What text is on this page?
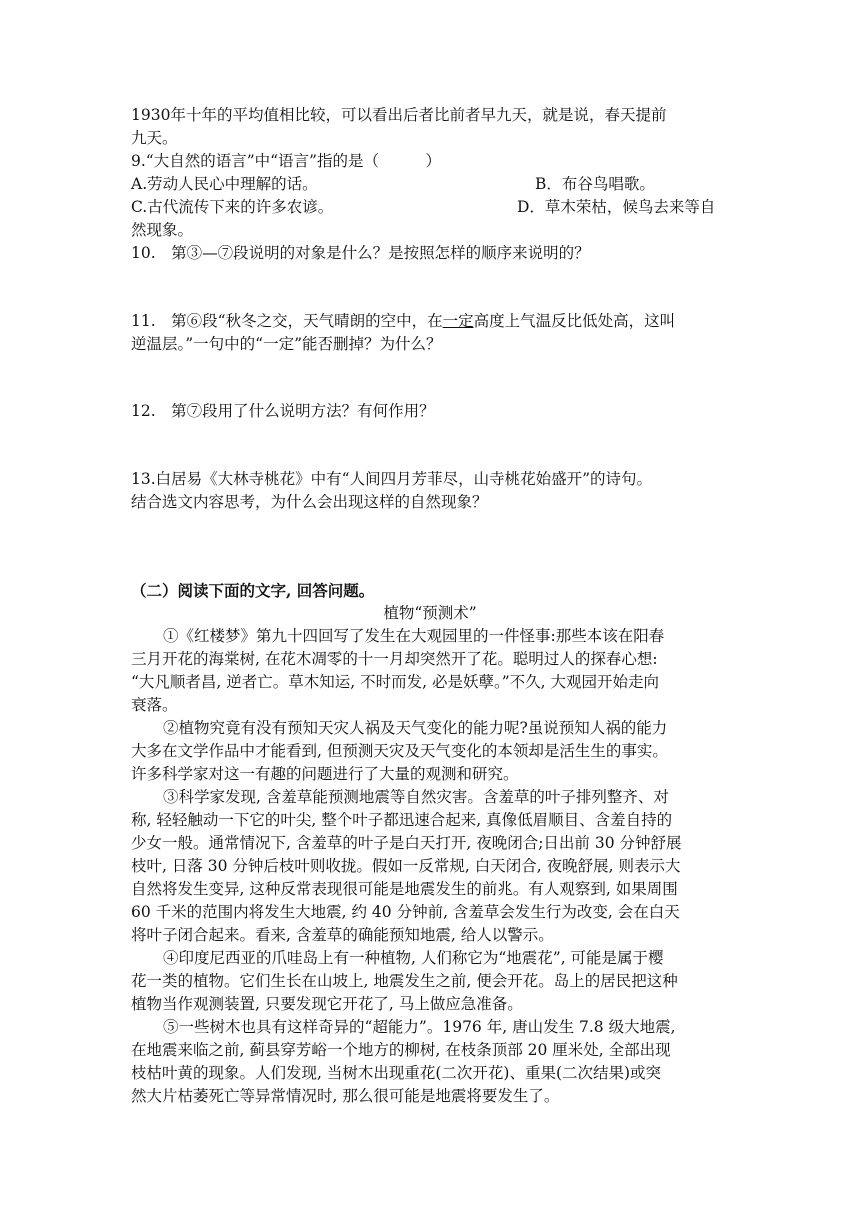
1930年十年的平均值相比较，可以看出后者比前者早九天，就是说，春天提前
九天。
9.“大自然的语言”中“语言”指的是（　　　）
A.劳动人民心中理解的话。	B．布谷鸟唱歌。
C.古代流传下来的许多农谚。	D．草木荣枯，候鸟去来等自
然现象。
10.　第③—⑦段说明的对象是什么？是按照怎样的顺序来说明的？
11.　第⑥段“秋冬之交，天气晴朗的空中，在一定高度上气温反比低处高，这叫
逆温层。”一句中的“一定”能否删掉？为什么？
12.　第⑦段用了什么说明方法？有何作用？
13.白居易《大林寺桃花》中有“人间四月芳菲尽，山寺桃花始盛开”的诗句。
结合选文内容思考，为什么会出现这样的自然现象？
（二）阅读下面的文字, 回答问题。
植物“预测术”
①《红楼梦》第九十四回写了发生在大观园里的一件怪事:那些本该在阳春
三月开花的海棠树, 在花木凋零的十一月却突然开了花。聪明过人的探春心想:
“大凡顺者昌, 逆者亡。草木知运, 不时而发, 必是妖孽。”不久, 大观园开始走向
衰落。
②植物究竟有没有预知天灾人祸及天气变化的能力呢?虽说预知人祸的能力
大多在文学作品中才能看到, 但预测天灾及天气变化的本领却是活生生的事实。
许多科学家对这一有趣的问题进行了大量的观测和研究。
③科学家发现, 含羞草能预测地震等自然灾害。含羞草的叶子排列整齐、对
称, 轻轻触动一下它的叶尖, 整个叶子都迅速合起来, 真像低眉顺目、含羞自持的
少女一般。通常情况下, 含羞草的叶子是白天打开, 夜晚闭合;日出前 30 分钟舒展
枝叶, 日落 30 分钟后枝叶则收拢。假如一反常规, 白天闭合, 夜晚舒展, 则表示大
自然将发生变异, 这种反常表现很可能是地震发生的前兆。有人观察到, 如果周围
60 千米的范围内将发生大地震, 约 40 分钟前, 含羞草会发生行为改变, 会在白天
将叶子闭合起来。看来, 含羞草的确能预知地震, 给人以警示。
④印度尼西亚的爪哇岛上有一种植物, 人们称它为“地震花”, 可能是属于樱
花一类的植物。它们生长在山坡上, 地震发生之前, 便会开花。岛上的居民把这种
植物当作观测装置, 只要发现它开花了, 马上做应急准备。
⑤一些树木也具有这样奇异的“超能力”。1976 年, 唐山发生 7.8 级大地震,
在地震来临之前, 蓟县穿芳峪一个地方的柳树, 在枝条顶部 20 厘米处, 全部出现
枝枯叶黄的现象。人们发现, 当树木出现重花(二次开花)、重果(二次结果)或突
然大片枯萎死亡等异常情况时, 那么很可能是地震将要发生了。
